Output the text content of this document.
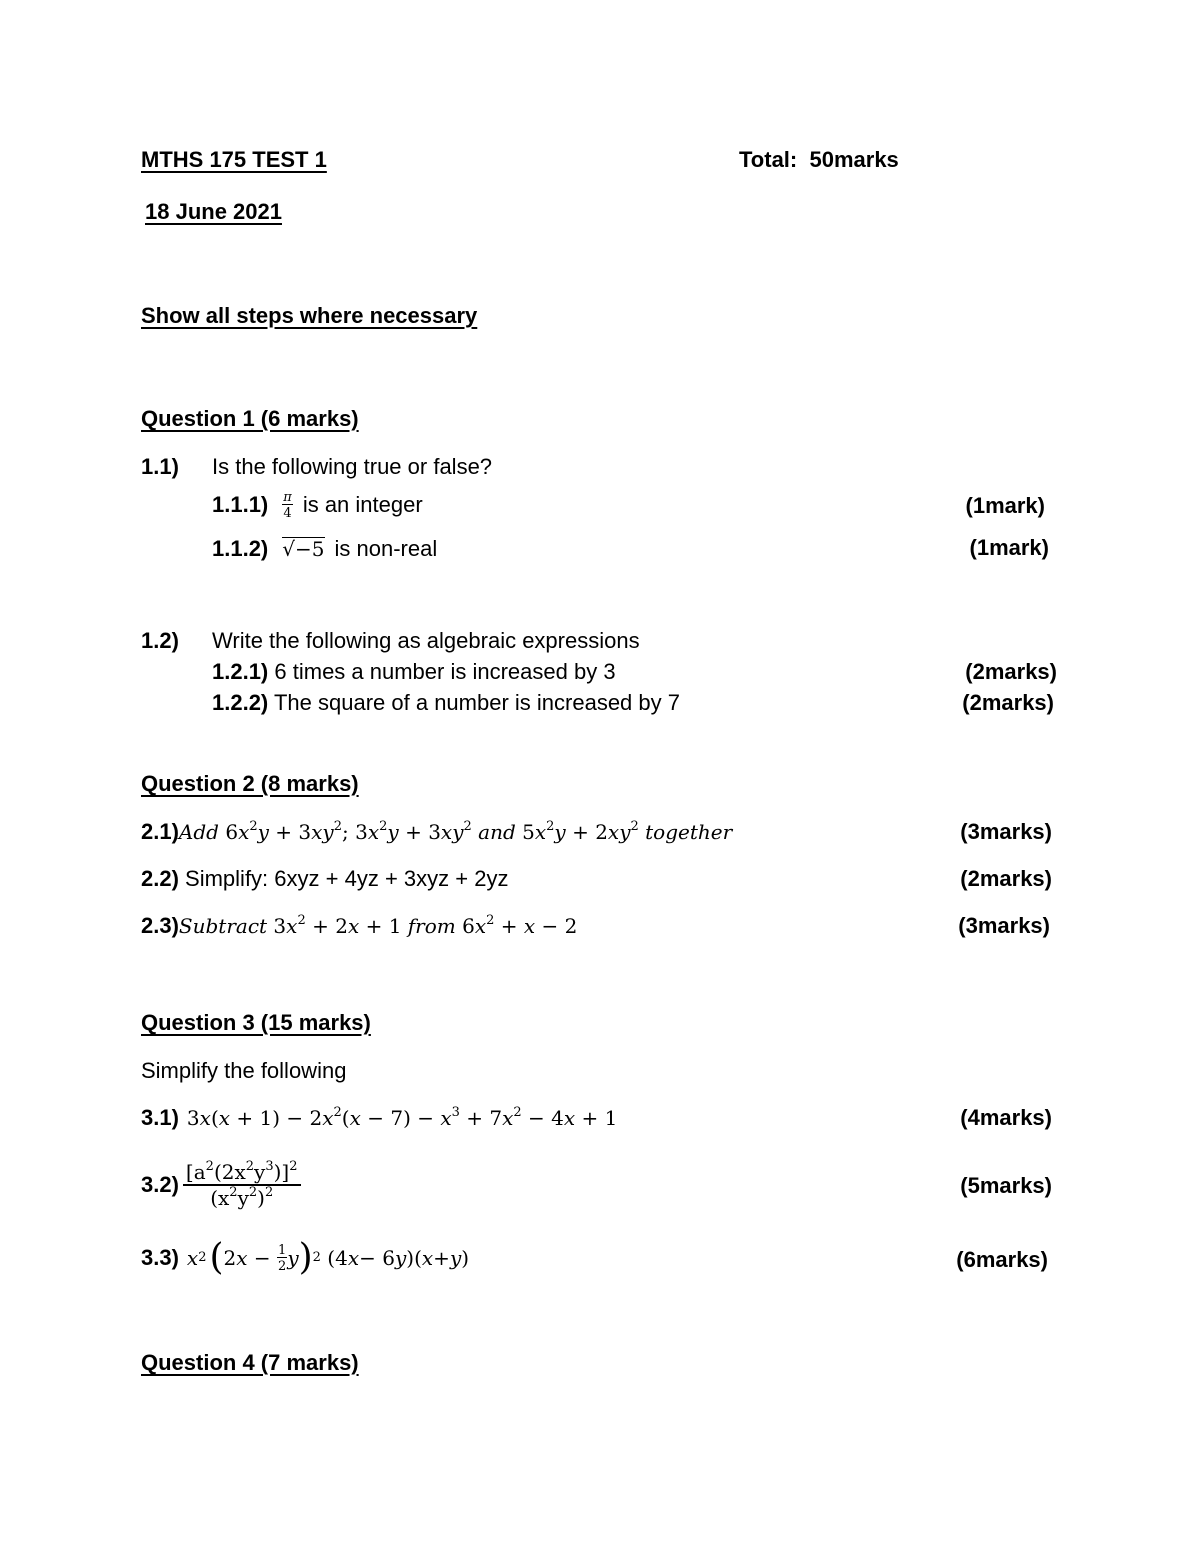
MTHS 175 TEST 1	Total: 50marks
18 June 2021
Show all steps where necessary
Question 1 (6 marks)
1.1) Is the following true or false?
$1.1.1) \frac{\pi}{4}$ is an integer	(1mark)
1.1.2) √−5 is non-real	(1mark)
1.2) Write the following as algebraic expressions
1.2.1) 6 times a number is increased by 3	(2marks)
1.2.2) The square of a number is increased by 7	(2marks)
Question 2 (8 marks)
2.1) Add $6x^2y + 3xy^2$; $3x^2y + 3xy^2$ and $5x^2y + 2xy^2$ together	(3marks)
2.2) Simplify: 6xyz + 4yz + 3xyz + 2yz	(2marks)
2.3) Subtract $3x^2 + 2x + 1$ from $6x^2 + x - 2$	(3marks)
Question 3 (15 marks)
Simplify the following
3.1) $3x(x + 1) - 2x^2(x - 7) - x^3 + 7x^2 - 4x + 1$	(4marks)
$3.2) \frac{[a^2(2x^2y^3)]^2}{(x^2y^2)^2}$	(5marks)
3.3) x 2 ( 2 $x - \frac{1}{2}$ y ) 2 (4 x − 6 y )( x + y )	(6marks)
Question 4 (7 marks)
